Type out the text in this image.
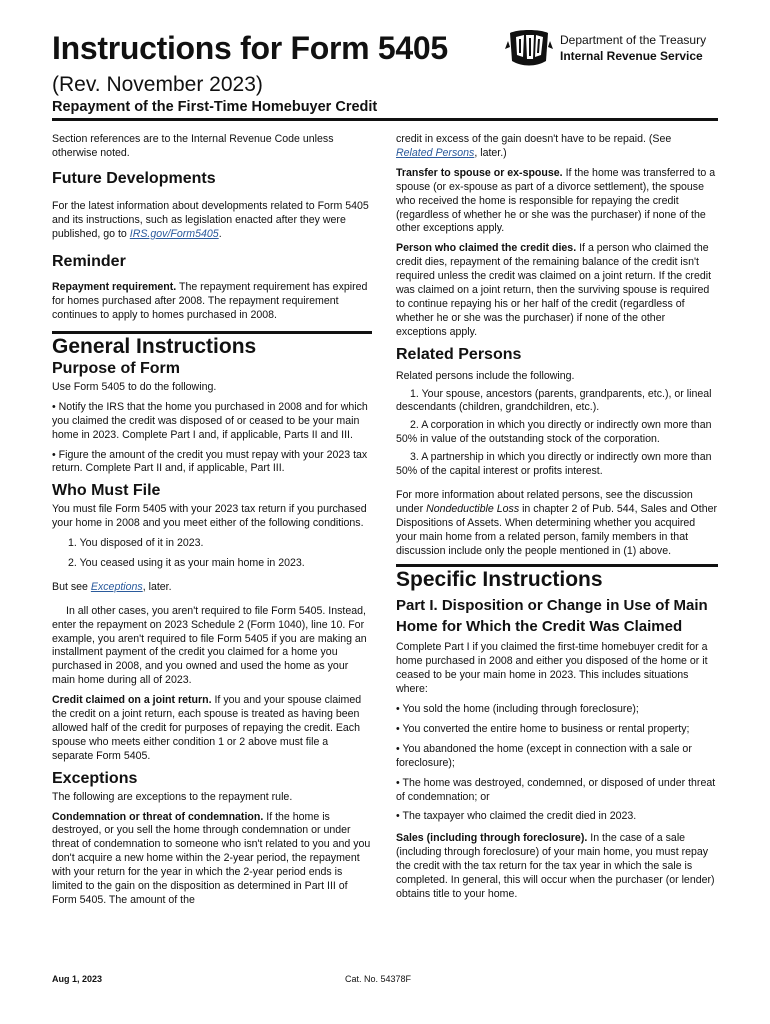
Instructions for Form 5405
(Rev. November 2023)
Repayment of the First-Time Homebuyer Credit
Department of the Treasury
Internal Revenue Service

Section references are to the Internal Revenue Code unless otherwise noted.

Future Developments

For the latest information about developments related to Form 5405 and its instructions, such as legislation enacted after they were published, go to IRS.gov/Form5405.

Reminder

Repayment requirement. The repayment requirement has expired for homes purchased after 2008. The repayment requirement continues to apply to homes purchased in 2008.

General Instructions
Purpose of Form

Use Form 5405 to do the following.

• Notify the IRS that the home you purchased in 2008 and for which you claimed the credit was disposed of or ceased to be your main home in 2023. Complete Part I and, if applicable, Parts II and III.

• Figure the amount of the credit you must repay with your 2023 tax return. Complete Part II and, if applicable, Part III.

Who Must File

You must file Form 5405 with your 2023 tax return if you purchased your home in 2008 and you meet either of the following conditions.

1. You disposed of it in 2023.

2. You ceased using it as your main home in 2023.

But see Exceptions, later.

In all other cases, you aren't required to file Form 5405. Instead, enter the repayment on 2023 Schedule 2 (Form 1040), line 10. For example, you aren't required to file Form 5405 if you are making an installment payment of the credit you claimed for a home you purchased in 2008, and you owned and used the home as your main home during all of 2023.

Credit claimed on a joint return. If you and your spouse claimed the credit on a joint return, each spouse is treated as having been allowed half of the credit for purposes of repaying the credit. Each spouse who meets either condition 1 or 2 above must file a separate Form 5405.

Exceptions

The following are exceptions to the repayment rule.

Condemnation or threat of condemnation. If the home is destroyed, or you sell the home through condemnation or under threat of condemnation to someone who isn't related to you and you don't acquire a new home within the 2-year period, the repayment with your return for the year in which the 2-year period ends is limited to the gain on the disposition as determined in Part III of Form 5405. The amount of the

credit in excess of the gain doesn't have to be repaid. (See
Related Persons, later.)

Transfer to spouse or ex-spouse. If the home was transferred to a spouse (or ex-spouse as part of a divorce settlement), the spouse who received the home is responsible for repaying the credit (regardless of whether he or she was the purchaser) if none of the other exceptions apply.

Person who claimed the credit dies. If a person who claimed the credit dies, repayment of the remaining balance of the credit isn't required unless the credit was claimed on a joint return. If the credit was claimed on a joint return, then the surviving spouse is required to continue repaying his or her half of the credit (regardless of whether he or she was the purchaser) if none of the other exceptions apply.

Related Persons

Related persons include the following.

1. Your spouse, ancestors (parents, grandparents, etc.), or lineal descendants (children, grandchildren, etc.).

2. A corporation in which you directly or indirectly own more than 50% in value of the outstanding stock of the corporation.

3. A partnership in which you directly or indirectly own more than 50% of the capital interest or profits interest.

For more information about related persons, see the discussion under Nondeductible Loss in chapter 2 of Pub. 544, Sales and Other Dispositions of Assets. When determining whether you acquired your main home from a related person, family members in that discussion include only the people mentioned in (1) above.

Specific Instructions
Part I. Disposition or Change in Use of Main Home for Which the Credit Was Claimed

Complete Part I if you claimed the first-time homebuyer credit for a home purchased in 2008 and either you disposed of the home or it ceased to be your main home in 2023. This includes situations where:

• You sold the home (including through foreclosure);

• You converted the entire home to business or rental property;

• You abandoned the home (except in connection with a sale or foreclosure);

• The home was destroyed, condemned, or disposed of under threat of condemnation; or

• The taxpayer who claimed the credit died in 2023.

Sales (including through foreclosure). In the case of a sale (including through foreclosure) of your main home, you must repay the credit with the tax return for the tax year in which the sale is completed. In general, this will occur when the purchaser (or lender) obtains title to your home.

Aug 1, 2023	Cat. No. 54378F
